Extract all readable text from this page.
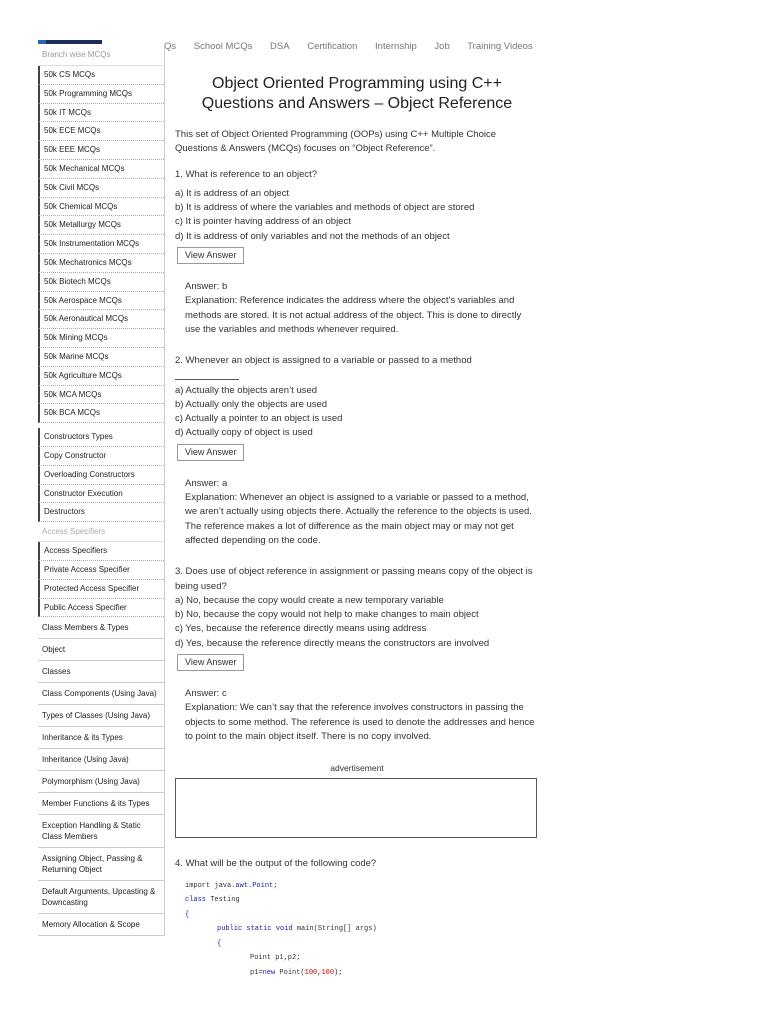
Qs School MCQs DSA Certification Internship Job Training Videos
Branch wise MCQs
50k CS MCQs
50k Programming MCQs
50k IT MCQs
50k ECE MCQs
50k EEE MCQs
50k Mechanical MCQs
50k Civil MCQs
50k Chemical MCQs
50k Metallurgy MCQs
50k Instrumentation MCQs
50k Mechatronics MCQs
50k Biotech MCQs
50k Aerospace MCQs
50k Aeronautical MCQs
50k Mining MCQs
50k Marine MCQs
50k Agriculture MCQs
50k MCA MCQs
50k BCA MCQs
Constructors Types
Copy Constructor
Overloading Constructors
Constructor Execution
Destructors
Access Specifiers
Access Specifiers
Private Access Specifier
Protected Access Specifier
Public Access Specifier
Class Members & Types
Object
Classes
Class Components (Using Java)
Types of Classes (Using Java)
Inheritance & its Types
Inheritance (Using Java)
Polymorphism (Using Java)
Member Functions & its Types
Exception Handling & Static Class Members
Assigning Object, Passing & Returning Object
Default Arguments, Upcasting & Downcasting
Memory Allocation & Scope
Object Oriented Programming using C++ Questions and Answers – Object Reference
This set of Object Oriented Programming (OOPs) using C++ Multiple Choice Questions & Answers (MCQs) focuses on “Object Reference”.
1. What is reference to an object?
a) It is address of an object
b) It is address of where the variables and methods of object are stored
c) It is pointer having address of an object
d) It is address of only variables and not the methods of an object
View Answer
Answer: b
Explanation: Reference indicates the address where the object’s variables and methods are stored. It is not actual address of the object. This is done to directly use the variables and methods whenever required.
2. Whenever an object is assigned to a variable or passed to a method
a) Actually the objects aren’t used
b) Actually only the objects are used
c) Actually a pointer to an object is used
d) Actually copy of object is used
View Answer
Answer: a
Explanation: Whenever an object is assigned to a variable or passed to a method, we aren’t actually using objects there. Actually the reference to the objects is used. The reference makes a lot of difference as the main object may or may not get affected depending on the code.
3. Does use of object reference in assignment or passing means copy of the object is being used?
a) No, because the copy would create a new temporary variable
b) No, because the copy would not help to make changes to main object
c) Yes, because the reference directly means using address
d) Yes, because the reference directly means the constructors are involved
View Answer
Answer: c
Explanation: We can’t say that the reference involves constructors in passing the objects to some method. The reference is used to denote the addresses and hence to point to the main object itself. There is no copy involved.
advertisement
4. What will be the output of the following code?
import java.awt.Point;
class Testing
{
public static void main(String[] args)
{
Point p1,p2;
p1=new Point(100,100);
